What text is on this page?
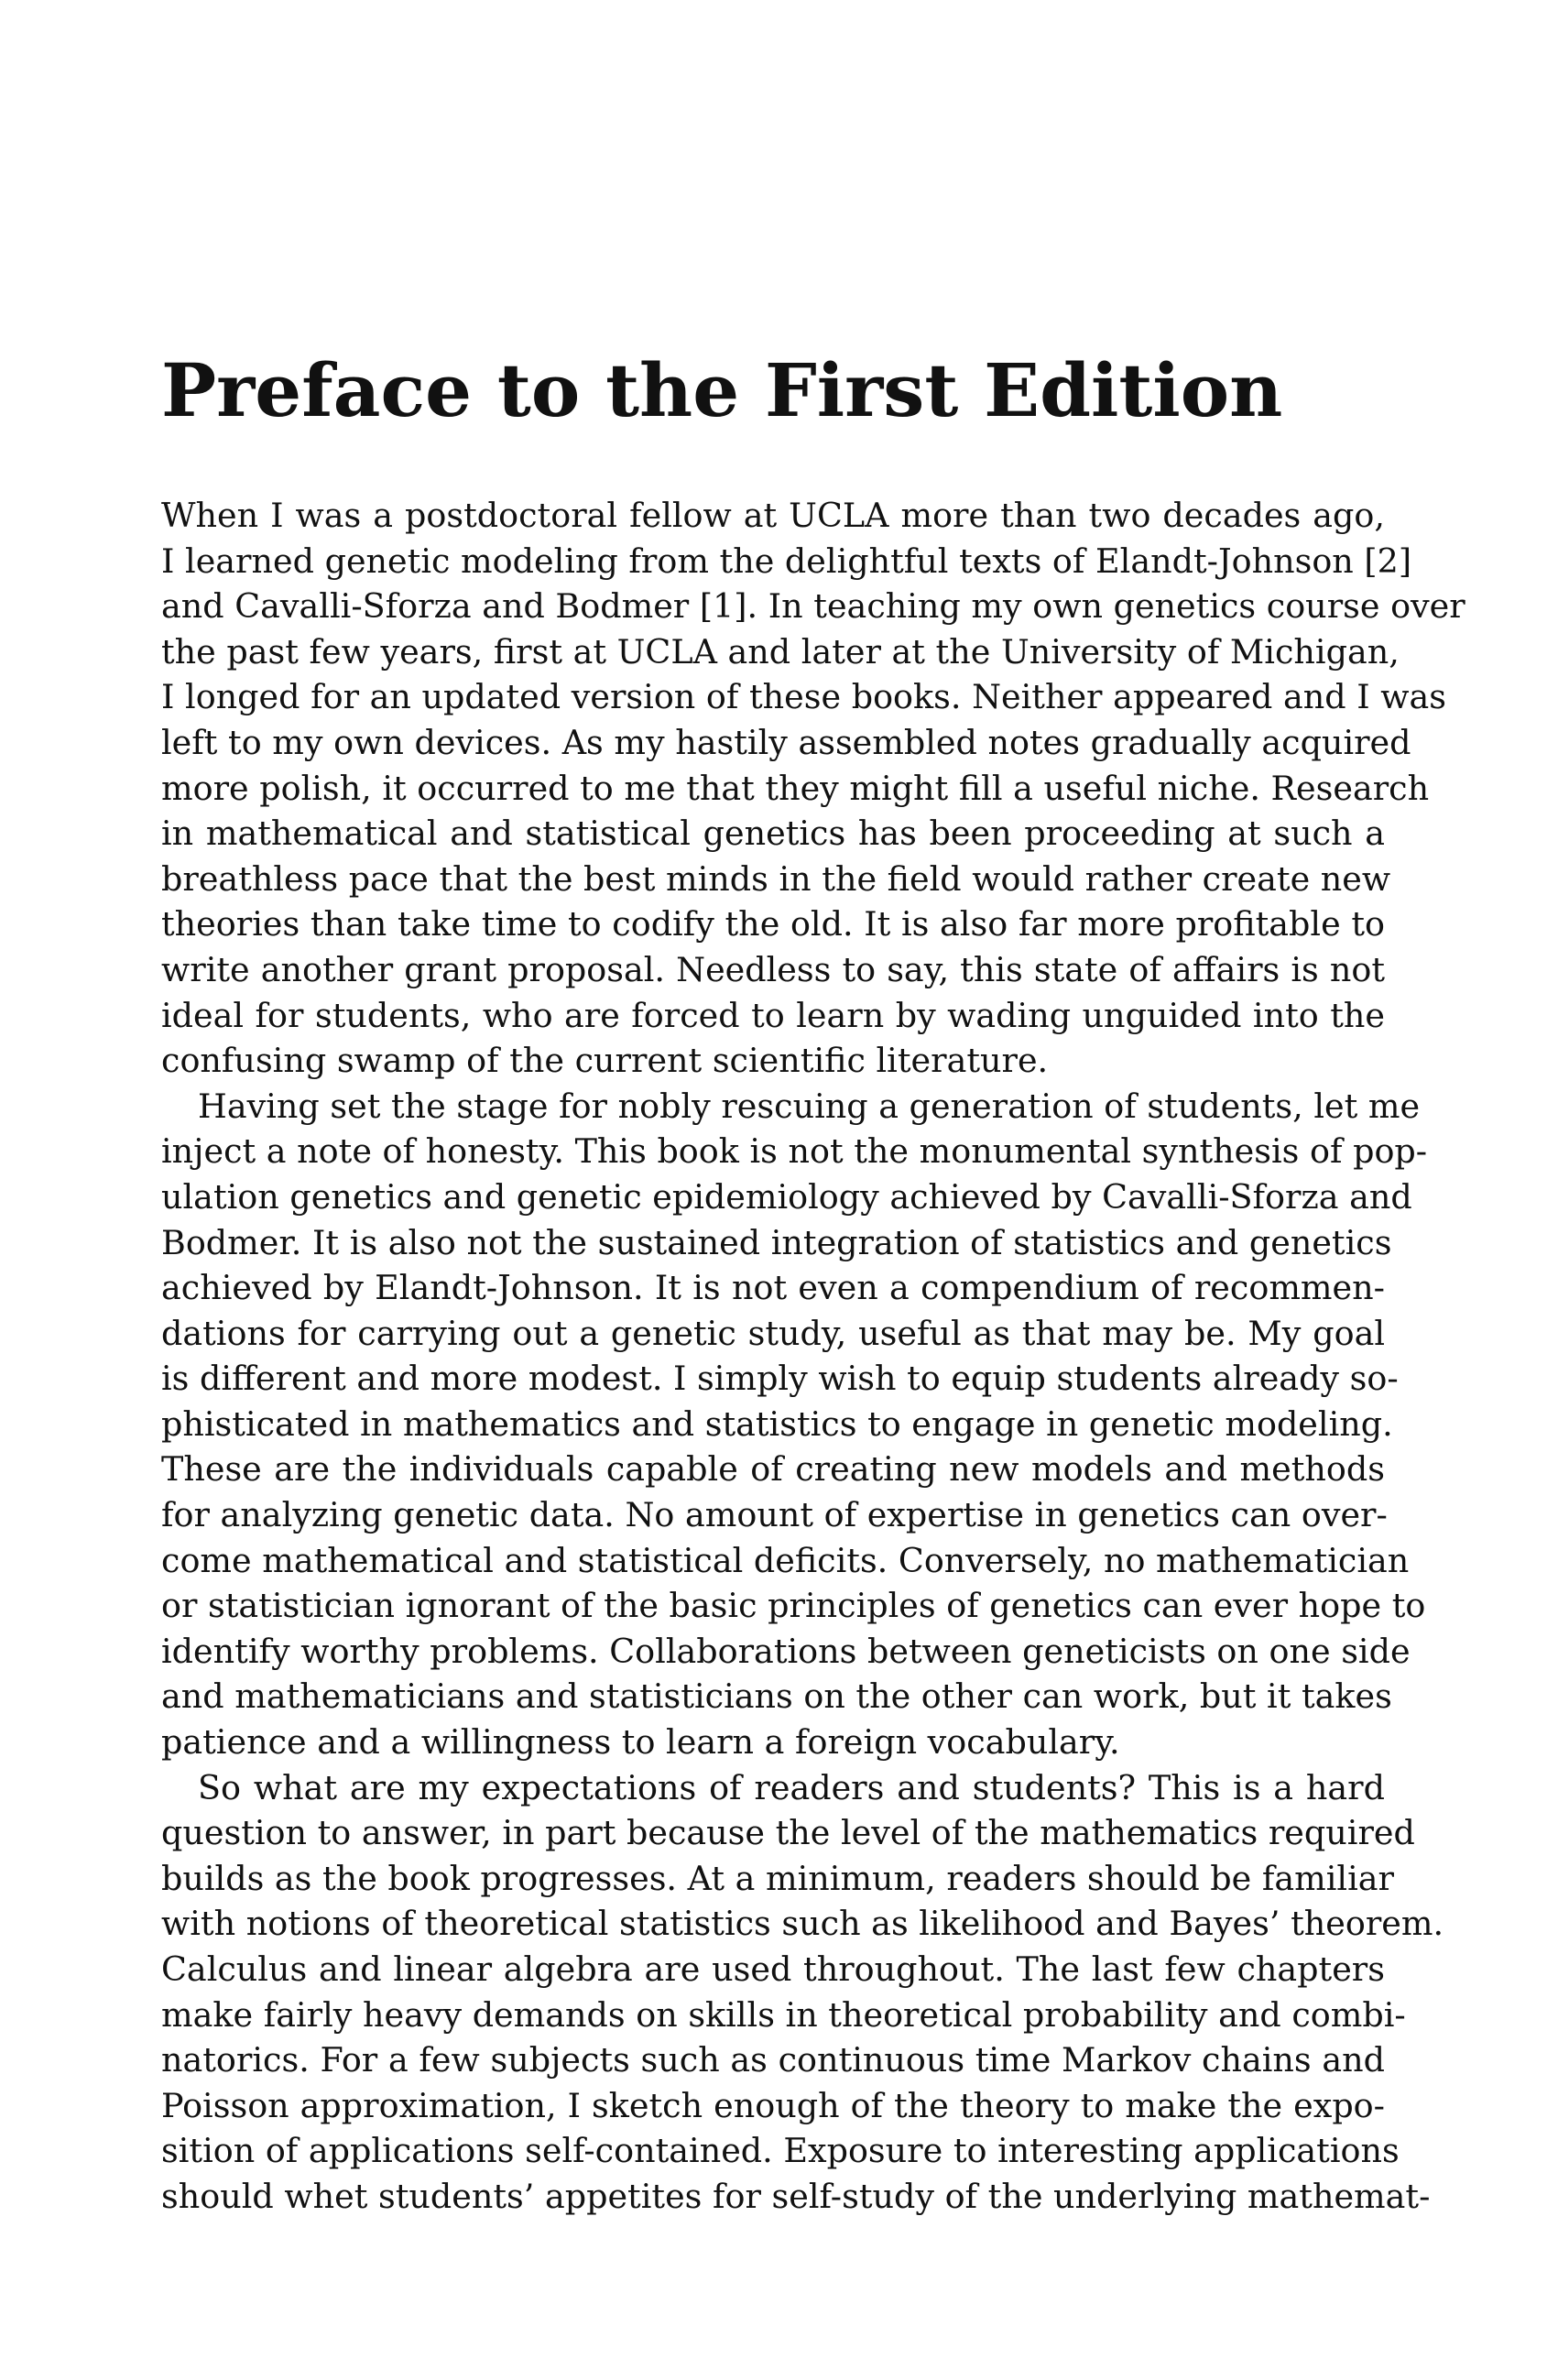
Preface to the First Edition

When I was a postdoctoral fellow at UCLA more than two decades ago,
I learned genetic modeling from the delightful texts of Elandt-Johnson [2]
and Cavalli-Sforza and Bodmer [1]. In teaching my own genetics course over
the past few years, first at UCLA and later at the University of Michigan,
I longed for an updated version of these books. Neither appeared and I was
left to my own devices. As my hastily assembled notes gradually acquired
more polish, it occurred to me that they might fill a useful niche. Research
in mathematical and statistical genetics has been proceeding at such a
breathless pace that the best minds in the field would rather create new
theories than take time to codify the old. It is also far more profitable to
write another grant proposal. Needless to say, this state of affairs is not
ideal for students, who are forced to learn by wading unguided into the
confusing swamp of the current scientific literature.

Having set the stage for nobly rescuing a generation of students, let me
inject a note of honesty. This book is not the monumental synthesis of pop-
ulation genetics and genetic epidemiology achieved by Cavalli-Sforza and
Bodmer. It is also not the sustained integration of statistics and genetics
achieved by Elandt-Johnson. It is not even a compendium of recommen-
dations for carrying out a genetic study, useful as that may be. My goal
is different and more modest. I simply wish to equip students already so-
phisticated in mathematics and statistics to engage in genetic modeling.
These are the individuals capable of creating new models and methods
for analyzing genetic data. No amount of expertise in genetics can over-
come mathematical and statistical deficits. Conversely, no mathematician
or statistician ignorant of the basic principles of genetics can ever hope to
identify worthy problems. Collaborations between geneticists on one side
and mathematicians and statisticians on the other can work, but it takes
patience and a willingness to learn a foreign vocabulary.

So what are my expectations of readers and students? This is a hard
question to answer, in part because the level of the mathematics required
builds as the book progresses. At a minimum, readers should be familiar
with notions of theoretical statistics such as likelihood and Bayes’ theorem.
Calculus and linear algebra are used throughout. The last few chapters
make fairly heavy demands on skills in theoretical probability and combi-
natorics. For a few subjects such as continuous time Markov chains and
Poisson approximation, I sketch enough of the theory to make the expo-
sition of applications self-contained. Exposure to interesting applications
should whet students’ appetites for self-study of the underlying mathemat-
